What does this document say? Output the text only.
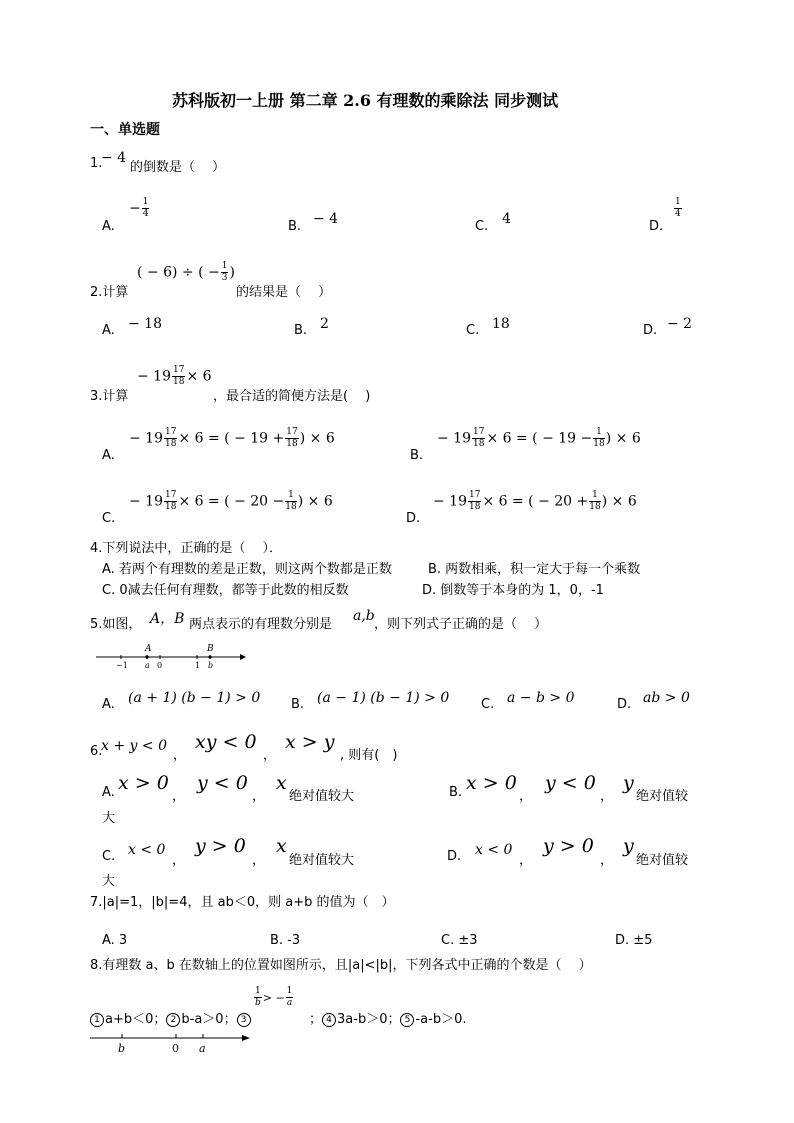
苏科版初一上册 第二章 2.6 有理数的乘除法 同步测试
一、单选题
1.
− 4
的倒数是（　 ）
A.
− $\frac{1}{4}$
B. − 4	C. 4	D.
$\frac{1}{4}$
2.计算
( − 6) ÷ ( − $\frac{1}{3}$ )
的结果是（　 ）
A. − 18	B. 2	C. 18	D. − 2
3.计算
− $19 \frac{17}{18} \times 6$
，最合适的简便方法是(　 )
A.
− $19 \frac{17}{18} \times 6$ = ( − $19 + \frac{17}{18}$ ) × 6
B.
− $19 \frac{17}{18} \times 6$ = ( − $19 - \frac{1}{18}$ ) × 6
C.
− $19 \frac{17}{18} \times 6$ = ( − $20 - \frac{1}{18}$ ) × 6
D.
− $19 \frac{17}{18} \times 6$ = ( − $20 + \frac{1}{18}$ ) × 6
4.下列说法中，正确的是（　 ）．
A. 若两个有理数的差是正数，则这两个数都是正数	B. 两数相乘，积一定大于每一个乘数
C. 0减去任何有理数，都等于此数的相反数	D. 倒数等于本身的为 1，0，-1
5.如图， A，B 两点表示的有理数分别是
a,b
，则下列式子正确的是（　 ）
A	B
−1 a 0	1 b
A. (a + 1) (b − 1) > 0 B. (a − 1) (b − 1) > 0 C. a − b > 0	D. ab > 0
6.
x + y < 0
，
xy < 0
，
x > y
, 则有(　)
A. x > 0
，
y < 0
，
x
绝对值较大	B. x > 0
，
y < 0
，
y
绝对值较
大
C. x < 0
，
y > 0
，
x
绝对值较大	D. x < 0
，
y > 0
，
y
绝对值较
大
7.|a|=1，|b|=4，且 ab＜0，则 a+b 的值为（　）
A. 3	B. -3	C. ±3	D. ±5
8.有理数 a、b 在数轴上的位置如图所示，且|a|<|b|，下列各式中正确的个数是（　 ）
1 a+b＜0； 2 b-a＞0； 3
$\frac{1}{b}$ > − $\frac{1}{a}$
； 4 3a-b＞0； 5 -a-b＞0.
b	0 a
